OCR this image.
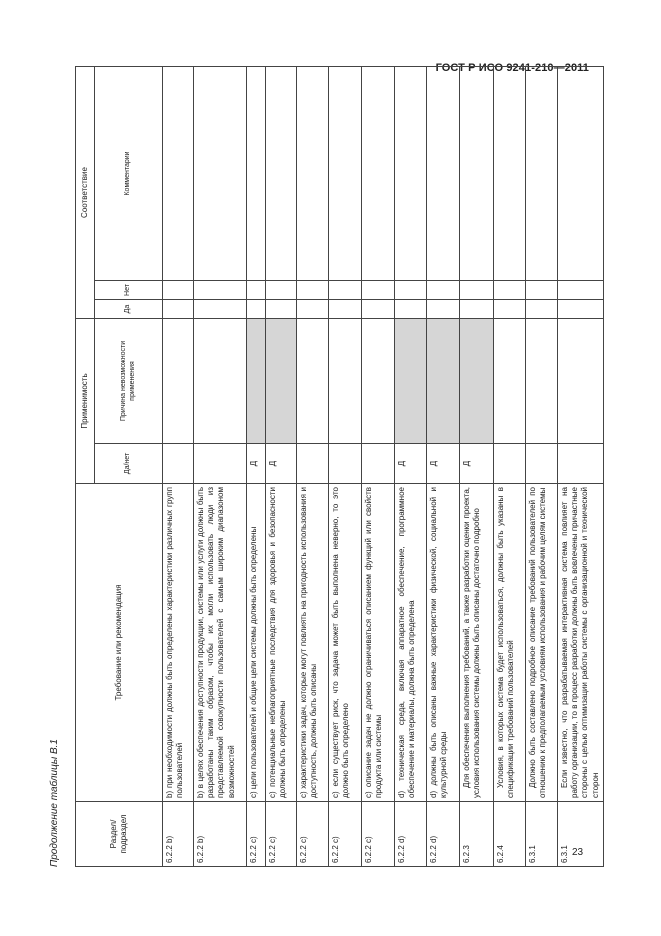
ГОСТ Р ИСО 9241-210—2011
Продолжение таблицы В.1	Раздел/ подраздел	Требование или рекомендация	Применимость		Соответствие		
		Да/нет	Причина невозможности применения	Да	Нет	Комментарии
6.2.2 b)	b) при необходимости должны быть определены характеристики различных групп пользователей					
6.2.2 b)	b) в целях обеспечения доступности продукции, системы или услуги должны быть разработаны таким образом, чтобы их могли использовать люди из представляемой совокупности пользователей с самым широким диапазоном возможностей					
6.2.2 c)	c) цели пользователей и общие цели системы должны быть определены	Д				
6.2.2 c)	c) потенциальные неблагоприятные последствия для здоровья и безопасности должны быть определены	Д				
6.2.2 c)	c) характеристики задач, которые могут повлиять на пригодность использования и доступность, должны быть описаны					
6.2.2 c)	c) если существует риск, что задача может быть выполнена неверно, то это должно быть определено					
6.2.2 c)	c) описание задач не должно ограничиваться описанием функций или свойств продукта или системы					
6.2.2 d)	d) техническая среда, включая аппаратное обеспечение, программное обеспечение и материалы, должна быть определена	Д				
6.2.2 d)	d) должны быть описаны важные характеристики физической, социальной и культурной среды	Д				
6.2.3	Для обеспечения выполнения требований, а также разработки оценки проекта, условия использования системы должны быть описаны достаточно подробно	Д				
6.2.4	Условия, в которых система будет использоваться, должны быть указаны в спецификации требований пользователей					
6.3.1	Должно быть составлено подробное описание требований пользователей по отношению к предполагаемым условиям использования и рабочим целям системы					
6.3.1	Если известно, что разрабатываемая интерактивная система повлияет на работу организации, то в процесс разработки должны быть вовлечены причастные стороны с целью оптимизации работы системы с организационной и технической сторон					
23
